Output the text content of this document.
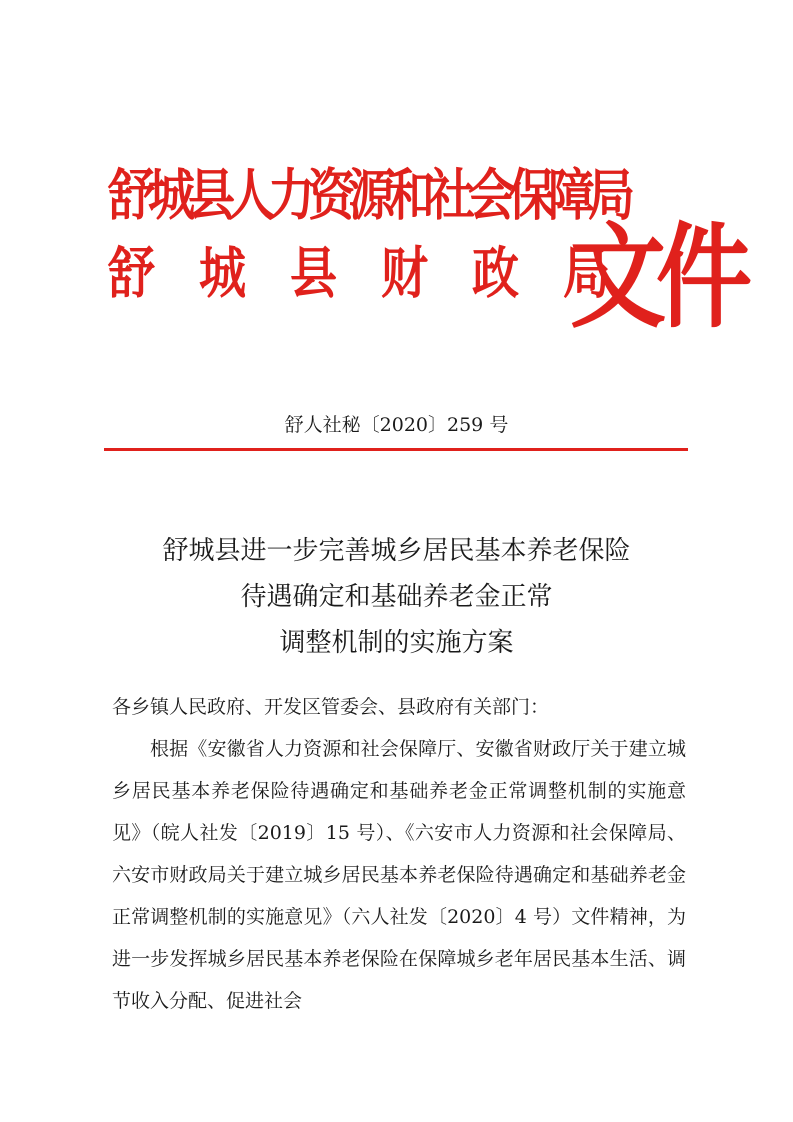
舒城县人力资源和社会保障局
舒城县财政局
文件
舒人社秘〔2020〕259 号
舒城县进一步完善城乡居民基本养老保险
待遇确定和基础养老金正常
调整机制的实施方案

各乡镇人民政府、开发区管委会、县政府有关部门：

根据《安徽省人力资源和社会保障厅、安徽省财政厅关于建立城乡居民基本养老保险待遇确定和基础养老金正常调整机制的实施意见》（皖人社发〔2019〕15 号）、《六安市人力资源和社会保障局、六安市财政局关于建立城乡居民基本养老保险待遇确定和基础养老金正常调整机制的实施意见》（六人社发〔2020〕4 号）文件精神，为进一步发挥城乡居民基本养老保险在保障城乡老年居民基本生活、调节收入分配、促进社会
